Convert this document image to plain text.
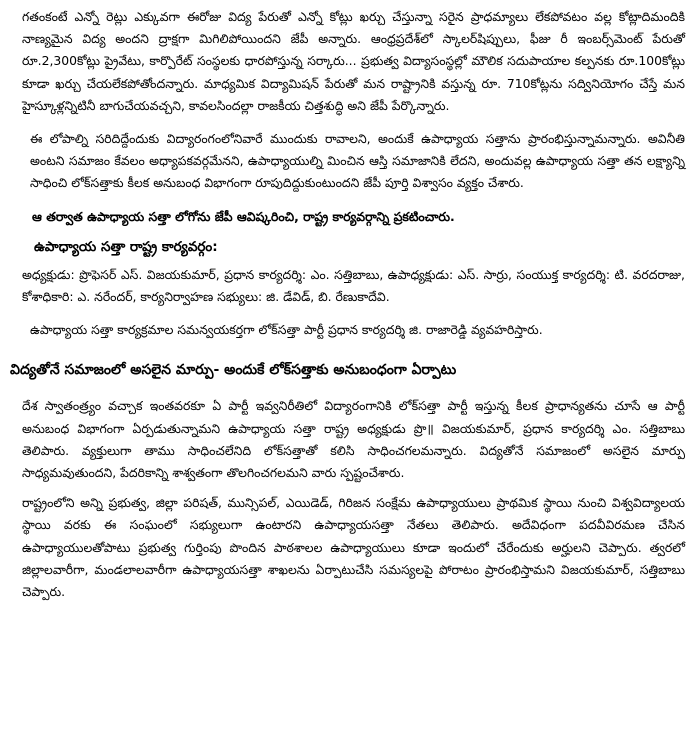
గతంకంటే ఎన్నో రెట్లు ఎక్కువగా ఈరోజు విద్య పేరుతో ఎన్నో కోట్లు ఖర్చు చేస్తున్నా సరైన ప్రాధమ్యాలు లేకపోవటం వల్ల కోట్లాదిమందికి నాణ్యమైన విద్య అందని ద్రాక్షగా మిగిలిపోయిందని జేపీ అన్నారు. ఆంధ్రప్రదేశ్‌లో స్కాలర్‌షిప్పులు, ఫీజు రీ ఇంబర్స్‌మెంట్ పేరుతో రూ.2,300కోట్లు ప్రైవేటు, కార్పొరేట్ సంస్థలకు ధారపోస్తున్న సర్కారు... ప్రభుత్వ విద్యాసంస్థల్లో మౌలిక సదుపాయాల కల్పనకు రూ.100కోట్లు కూడా ఖర్చు చేయలేకపోతోందన్నారు. మాధ్యమిక విద్యామిషన్ పేరుతో మన రాష్ట్రానికి వస్తున్న రూ. 710కోట్లను సద్వినియోగం చేస్తే మన హైస్కూళ్లన్నిటినీ బాగుచేయవచ్చని, కావలసిందల్లా రాజకీయ చిత్తశుద్ధి అని జేపీ పేర్కొన్నారు.

ఈ లోపాల్ని సరిదిద్దేందుకు విద్యారంగంలోనివారే ముందుకు రావాలని, అందుకే ఉపాధ్యాయ సత్తాను ప్రారంభిస్తున్నామన్నారు. అవినీతి అంటని సమాజం కేవలం అధ్యాపకవర్గమేనని, ఉపాధ్యాయుల్ని మించిన ఆస్తి సమాజానికి లేదని, అందువల్ల ఉపాధ్యాయ సత్తా తన లక్ష్యాన్ని సాధించి లోక్‌సత్తాకు కీలక అనుబంధ విభాగంగా రూపుదిద్దుకుంటుందని జేపీ పూర్తి విశ్వాసం వ్యక్తం చేశారు.

ఆ తర్వాత ఉపాధ్యాయ సత్తా లోగోను జేపీ ఆవిష్కరించి, రాష్ట్ర కార్యవర్గాన్ని ప్రకటించారు.

ఉపాధ్యాయ సత్తా రాష్ట్ర కార్యవర్గం:

అధ్యక్షుడు: ప్రొఫెసర్ ఎస్. విజయకుమార్, ప్రధాన కార్యదర్శి: ఎం. సత్తిబాబు, ఉపాధ్యక్షుడు: ఎస్. సార్రు, సంయుక్త కార్యదర్శి: టి. వరదరాజు, కోశాధికారి: ఎ. నరేందర్, కార్యనిర్వాహణ సభ్యులు: జి. డేవిడ్, బి. రేణుకాదేవి.

ఉపాధ్యాయ సత్తా కార్యక్రమాల సమన్వయకర్తగా లోక్‌సత్తా పార్టీ ప్రధాన కార్యదర్శి జి. రాజారెడ్డి వ్యవహరిస్తారు.

విద్యతోనే సమాజంలో అసలైన మార్పు- అందుకే లోక్‌సత్తాకు అనుబంధంగా ఏర్పాటు

దేశ స్వాతంత్ర్యం వచ్చాక ఇంతవరకూ ఏ పార్టీ ఇవ్వనిరీతిలో విద్యారంగానికి లోక్‌సత్తా పార్టీ ఇస్తున్న కీలక ప్రాధాన్యతను చూసే ఆ పార్టీ అనుబంధ విభాగంగా ఏర్పడుతున్నామని ఉపాధ్యాయ సత్తా రాష్ట్ర అధ్యక్షుడు ప్రొ॥ విజయకుమార్, ప్రధాన కార్యదర్శి ఎం. సత్తిబాబు తెలిపారు. వ్యక్తులుగా తాము సాధించలేనిది లోక్‌సత్తాతో కలిసి సాధించగలమన్నారు. విద్యతోనే సమాజంలో అసలైన మార్పు సాధ్యమవుతుందని, పేదరికాన్ని శాశ్వతంగా తొలగించగలమని వారు స్పష్టంచేశారు.

రాష్ట్రంలోని అన్ని ప్రభుత్వ, జిల్లా పరిషత్, మున్సిపల్, ఎయిడెడ్, గిరిజన సంక్షేమ ఉపాధ్యాయులు ప్రాథమిక స్థాయి నుంచి విశ్వవిద్యాలయ స్థాయి వరకు ఈ సంఘంలో సభ్యులుగా ఉంటారని ఉపాధ్యాయసత్తా నేతలు తెలిపారు. అదేవిధంగా పదవీవిరమణ చేసిన ఉపాధ్యాయులతోపాటు ప్రభుత్వ గుర్తింపు పొందిన పాఠశాలల ఉపాధ్యాయులు కూడా ఇందులో చేరేందుకు అర్హులని చెప్పారు. త్వరలో జిల్లాలవారీగా, మండలాలవారీగా ఉపాధ్యాయసత్తా శాఖలను ఏర్పాటుచేసి సమస్యలపై పోరాటం ప్రారంభిస్తామని విజయకుమార్, సత్తిబాబు చెప్పారు.
